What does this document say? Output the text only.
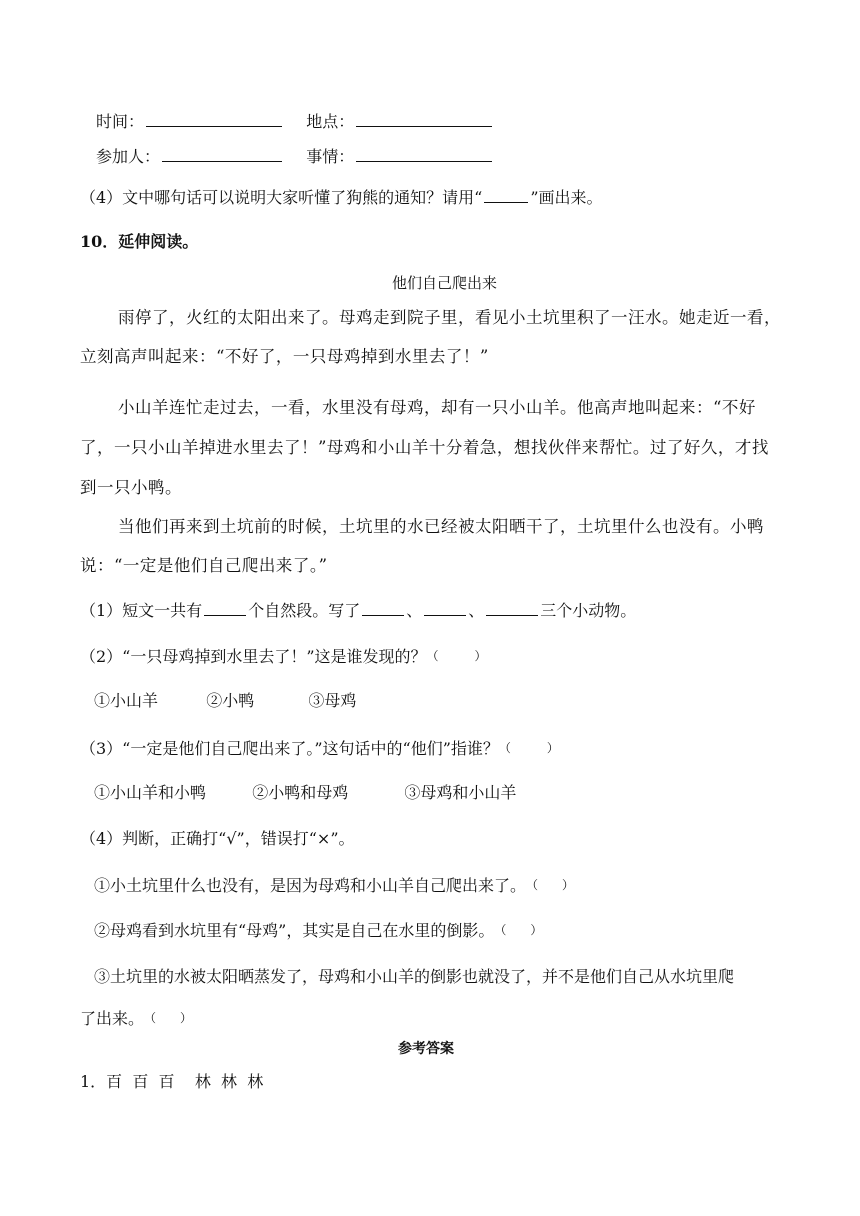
时间：	地点：
参加人：	事情：
（4）文中哪句话可以说明大家听懂了狗熊的通知？请用“	”画出来。
10．延伸阅读。
他们自己爬出来
雨停了，火红的太阳出来了。母鸡走到院子里，看见小土坑里积了一汪水。她走近一看，
立刻高声叫起来：“不好了，一只母鸡掉到水里去了！”
小山羊连忙走过去，一看，水里没有母鸡，却有一只小山羊。他高声地叫起来：“不好
了，一只小山羊掉进水里去了！”母鸡和小山羊十分着急，想找伙伴来帮忙。过了好久，才找
到一只小鸭。
当他们再来到土坑前的时候，土坑里的水已经被太阳晒干了，土坑里什么也没有。小鸭
说：“一定是他们自己爬出来了。”
（1）短文一共有	个自然段。写了	、	、	三个小动物。
（2）“一只母鸡掉到水里去了！”这是谁发现的？（　　　）
①小山羊	②小鸭	③母鸡
（3）“一定是他们自己爬出来了。”这句话中的“他们”指谁？（　　　）
①小山羊和小鸭	②小鸭和母鸡	③母鸡和小山羊
（4）判断，正确打“√”，错误打“×”。
①小土坑里什么也没有，是因为母鸡和小山羊自己爬出来了。（　　）
②母鸡看到水坑里有“母鸡”，其实是自己在水里的倒影。（　　）
③土坑里的水被太阳晒蒸发了，母鸡和小山羊的倒影也就没了，并不是他们自己从水坑里爬
了出来。（　　）
参考答案
1．百  百  百    林  林  林
